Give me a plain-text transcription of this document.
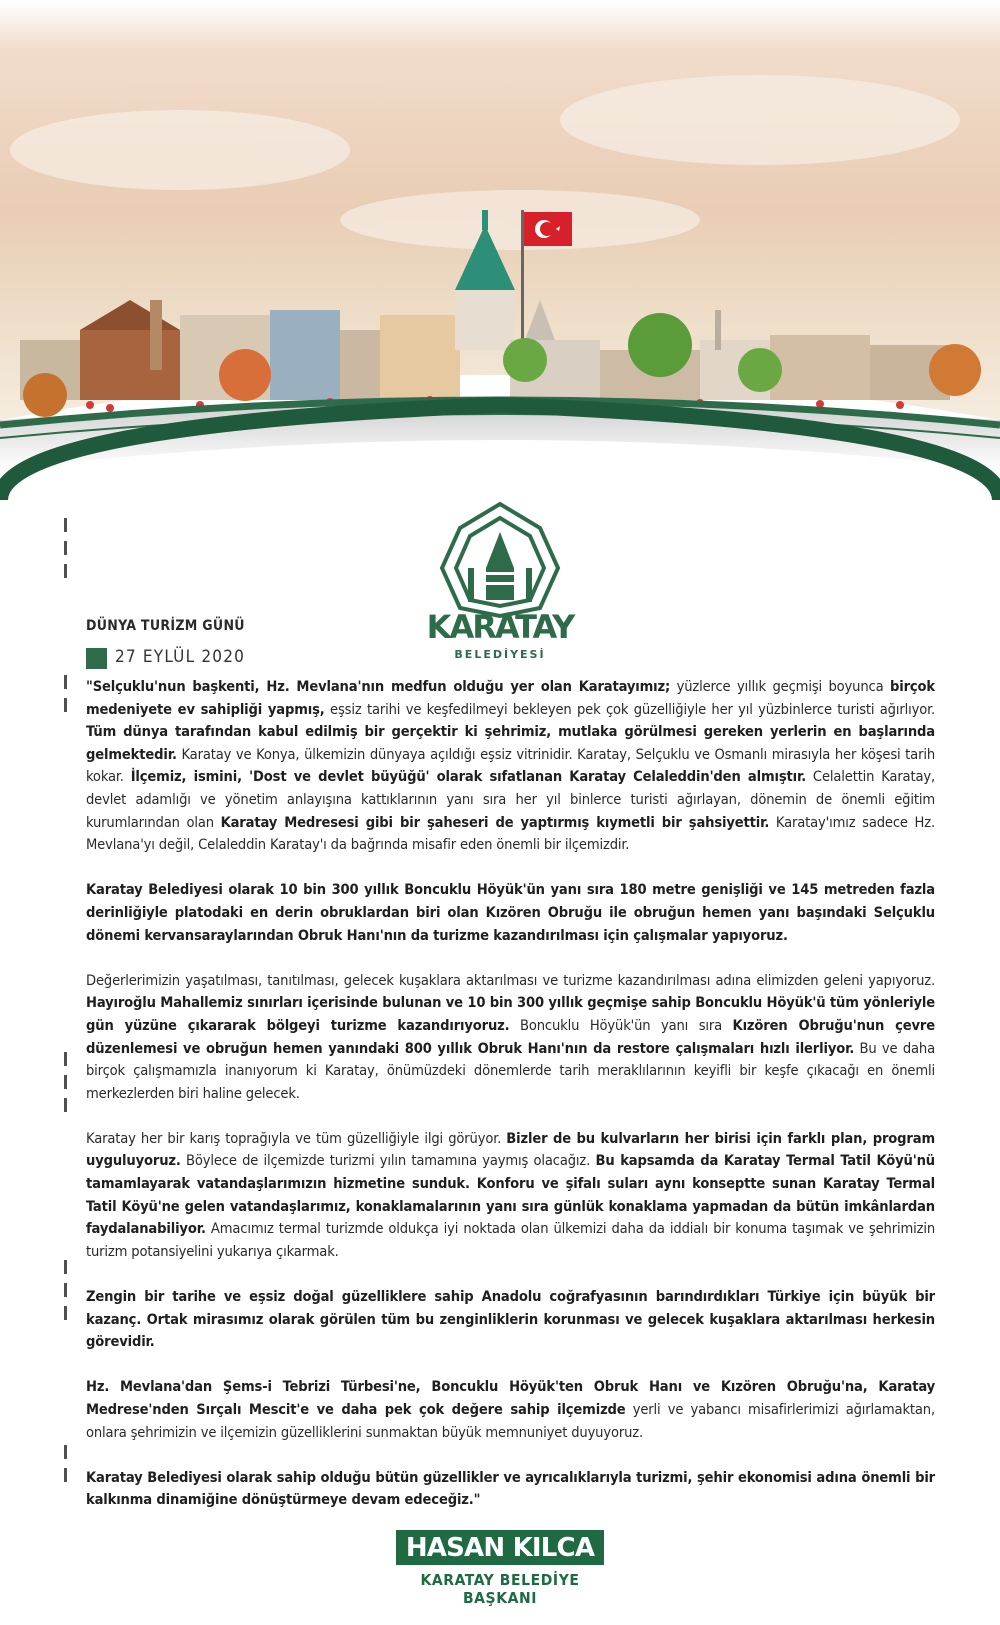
KARATAY
BELEDİYESİ
DÜNYA TURİZM GÜNÜ
27 EYLÜL 2020

"Selçuklu'nun başkenti, Hz. Mevlana'nın medfun olduğu yer olan Karatayımız; yüzlerce yıllık geçmişi boyunca birçok medeniyete ev sahipliği yapmış, eşsiz tarihi ve keşfedilmeyi bekleyen pek çok güzelliğiyle her yıl yüzbinlerce turisti ağırlıyor. Tüm dünya tarafından kabul edilmiş bir gerçektir ki şehrimiz, mutlaka görülmesi gereken yerlerin en başlarında gelmektedir. Karatay ve Konya, ülkemizin dünyaya açıldığı eşsiz vitrinidir. Karatay, Selçuklu ve Osmanlı mirasıyla her köşesi tarih kokar. İlçemiz, ismini, 'Dost ve devlet büyüğü' olarak sıfatlanan Karatay Celaleddin'den almıştır. Celalettin Karatay, devlet adamlığı ve yönetim anlayışına kattıklarının yanı sıra her yıl binlerce turisti ağırlayan, dönemin de önemli eğitim kurumlarından olan Karatay Medresesi gibi bir şaheseri de yaptırmış kıymetli bir şahsiyettir. Karatay'ımız sadece Hz. Mevlana'yı değil, Celaleddin Karatay'ı da bağrında misafir eden önemli bir ilçemizdir.

Karatay Belediyesi olarak 10 bin 300 yıllık Boncuklu Höyük'ün yanı sıra 180 metre genişliği ve 145 metreden fazla derinliğiyle platodaki en derin obruklardan biri olan Kızören Obruğu ile obruğun hemen yanı başındaki Selçuklu dönemi kervansaraylarından Obruk Hanı'nın da turizme kazandırılması için çalışmalar yapıyoruz.

Değerlerimizin yaşatılması, tanıtılması, gelecek kuşaklara aktarılması ve turizme kazandırılması adına elimizden geleni yapıyoruz. Hayıroğlu Mahallemiz sınırları içerisinde bulunan ve 10 bin 300 yıllık geçmişe sahip Boncuklu Höyük'ü tüm yönleriyle gün yüzüne çıkararak bölgeyi turizme kazandırıyoruz. Boncuklu Höyük'ün yanı sıra Kızören Obruğu'nun çevre düzenlemesi ve obruğun hemen yanındaki 800 yıllık Obruk Hanı'nın da restore çalışmaları hızlı ilerliyor. Bu ve daha birçok çalışmamızla inanıyorum ki Karatay, önümüzdeki dönemlerde tarih meraklılarının keyifli bir keşfe çıkacağı en önemli merkezlerden biri haline gelecek.

Karatay her bir karış toprağıyla ve tüm güzelliğiyle ilgi görüyor. Bizler de bu kulvarların her birisi için farklı plan, program uyguluyoruz. Böylece de ilçemizde turizmi yılın tamamına yaymış olacağız. Bu kapsamda da Karatay Termal Tatil Köyü'nü tamamlayarak vatandaşlarımızın hizmetine sunduk. Konforu ve şifalı suları aynı konseptte sunan Karatay Termal Tatil Köyü'ne gelen vatandaşlarımız, konaklamalarının yanı sıra günlük konaklama yapmadan da bütün imkânlardan faydalanabiliyor. Amacımız termal turizmde oldukça iyi noktada olan ülkemizi daha da iddialı bir konuma taşımak ve şehrimizin turizm potansiyelini yukarıya çıkarmak.

Zengin bir tarihe ve eşsiz doğal güzelliklere sahip Anadolu coğrafyasının barındırdıkları Türkiye için büyük bir kazanç. Ortak mirasımız olarak görülen tüm bu zenginliklerin korunması ve gelecek kuşaklara aktarılması herkesin görevidir.

Hz. Mevlana'dan Şems-i Tebrizi Türbesi'ne, Boncuklu Höyük'ten Obruk Hanı ve Kızören Obruğu'na, Karatay Medrese'nden Sırçalı Mescit'e ve daha pek çok değere sahip ilçemizde yerli ve yabancı misafirlerimizi ağırlamaktan, onlara şehrimizin ve ilçemizin güzelliklerini sunmaktan büyük memnuniyet duyuyoruz.

Karatay Belediyesi olarak sahip olduğu bütün güzellikler ve ayrıcalıklarıyla turizmi, şehir ekonomisi adına önemli bir kalkınma dinamiğine dönüştürmeye devam edeceğiz."

HASAN KILCA
KARATAY BELEDİYE BAŞKANI
